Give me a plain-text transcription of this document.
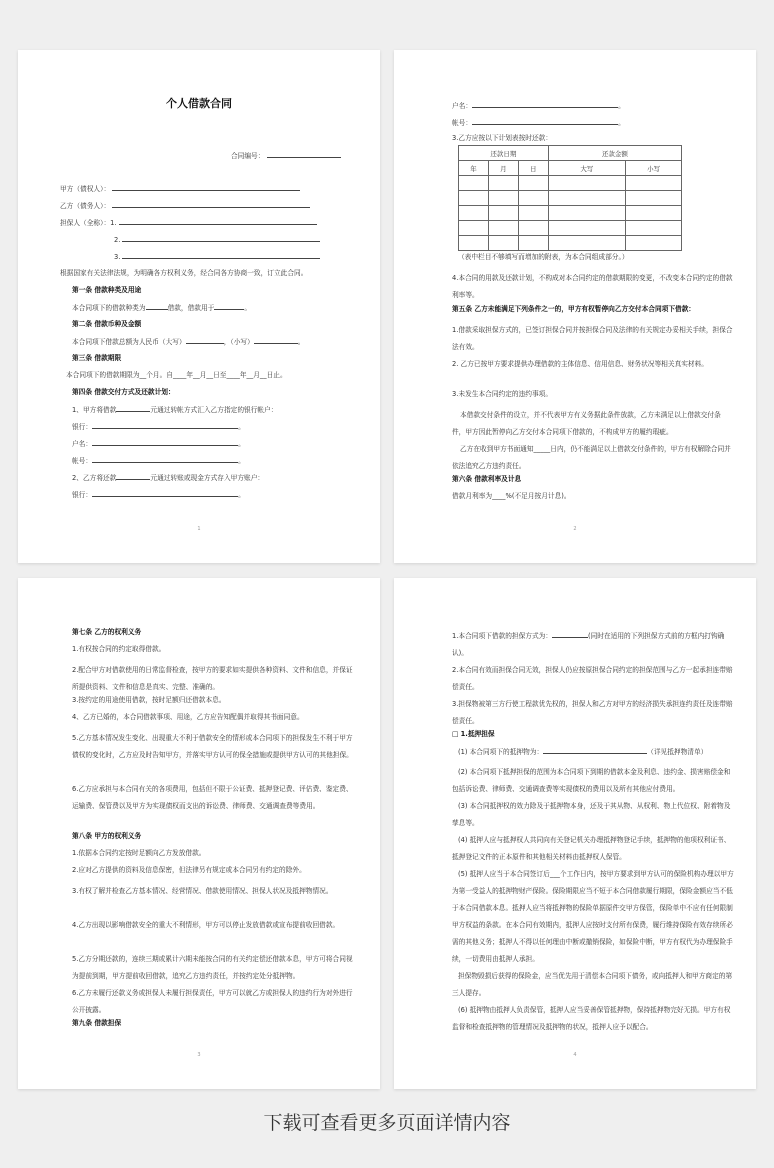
个人借款合同
合同编号：
甲方（债权人）：
乙方（债务人）：
担保人（全称）：1.
2.
3.
根据国家有关法律法规，为明确各方权利义务，经合同各方协商一致，订立此合同。
第一条 借款种类及用途
本合同项下的借款种类为	借款，借款用于	。
第二条 借款币种及金额
本合同项下借款总额为人民币（大写）	，（小写）	。
第三条 借款期限
本合同项下的借款期限为__个月。自____年__月__日至____年__月__日止。
第四条 借款交付方式及还款计划：
1、甲方将借款	元通过转帐方式汇入乙方指定的银行帐户：
银行：	。
户名：	。
帐号：	。
2、乙方将还款	元通过转账或现金方式存入甲方账户：
银行：	。
1
户名：	。
帐号：	。
3.乙方应按以下计划表按时还款：
还款日期			还款金额	
年	月	日	大写	小写

（表中栏目不够填写而增加的附表，为本合同组成部分。）
4.本合同的用款及还款计划，不构成对本合同约定的借款期限的变更，不改变本合同约定的借款利率等。
第五条 乙方未能满足下列条件之一的，甲方有权暂停向乙方交付本合同项下借款：
1.借款采取担保方式的，已签订担保合同并按担保合同及法律的有关规定办妥相关手续，担保合法有效。
2. 乙方已按甲方要求提供办理借款的主体信息、信用信息、财务状况等相关真实材料。
3.未发生本合同约定的违约事项。
本借款交付条件的设立，并不代表甲方有义务据此条件放款，乙方未满足以上借款交付条件，甲方因此暂停向乙方交付本合同项下借款的，不构成甲方的履约瑕疵。
乙方在收到甲方书面通知_____日内，仍不能满足以上借款交付条件的，甲方有权解除合同并依法追究乙方违约责任。
第六条 借款利率及计息
借款月利率为____%(不足月按月计息)。
2
第七条 乙方的权利义务
1.有权按合同的约定取得借款。
2.配合甲方对借款使用的日常监督检查，按甲方的要求如实提供各种资料、文件和信息，并保证所提供资料、文件和信息是真实、完整、准确的。
3.按约定的用途使用借款，按时足额归还借款本息。
4、乙方已婚的，本合同借款事项、用途，乙方应告知配偶并取得其书面同意。
5.乙方基本情况发生变化、出现重大不利于借款安全的情形或本合同项下的担保发生不利于甲方债权的变化时，乙方应及时告知甲方，并落实甲方认可的保全措施或提供甲方认可的其他担保。
6.乙方应承担与本合同有关的各项费用，包括但不限于公证费、抵押登记费、评估费、鉴定费、运输费、保管费以及甲方为实现债权而支出的诉讼费、律师费、交通调查费等费用。
第八条 甲方的权利义务
1.依据本合同约定按时足额向乙方发放借款。
2.应对乙方提供的资料及信息保密，但法律另有规定或本合同另有约定的除外。
3.有权了解并检查乙方基本情况、经营情况、借款使用情况、担保人状况及抵押物情况。
4.乙方出现以影响借款安全的重大不利情形，甲方可以停止发放借款或宣布提前收回借款。
5.乙方分期还款的，连续三期或累计六期未能按合同的有关约定偿还借款本息，甲方可将合同视为提前到期，甲方提前收回借款，追究乙方违约责任，并按约定处分抵押物。
6.乙方未履行还款义务或担保人未履行担保责任，甲方可以就乙方或担保人的违约行为对外进行公开披露。
第九条 借款担保
3
1.本合同项下借款的担保方式为：	(同时在适用的下列担保方式前的方框内打钩确认)。
2.本合同有效而担保合同无效，担保人仍应按原担保合同约定的担保范围与乙方一起承担连带赔偿责任。
3.担保物被第三方行使工程款优先权的，担保人和乙方对甲方的经济损失承担连约责任及连带赔偿责任。
□ 1.抵押担保
(1) 本合同项下的抵押物为：	（详见抵押物清单）
(2) 本合同项下抵押担保的范围为本合同项下到期的借款本金及利息、违约金、损害赔偿金和包括诉讼费、律师费、交通调查费等实现债权的费用以及所有其他应付费用。
(3) 本合同抵押权的效力除及于抵押物本身，还及于其从物、从权利、物上代位权、附着物及孳息等。
(4) 抵押人应与抵押权人共同向有关登记机关办理抵押物登记手续，抵押物的他项权利证书、抵押登记文件的正本原件和其他相关材料由抵押权人保管。
(5) 抵押人应当于本合同签订后___个工作日内，按甲方要求到甲方认可的保险机构办理以甲方为第一受益人的抵押物财产保险。保险期限应当不短于本合同借款履行期限，保险金额应当不低于本合同借款本息。抵押人应当将抵押物的保险单据原件交甲方保管，保险单中不应有任何限制甲方权益的条款。在本合同有效期内，抵押人应按时支付所有保费，履行维持保险有效存续所必需的其他义务；抵押人不得以任何理由中断或撤销保险，如保险中断，甲方有权代为办理保险手续，一切费用由抵押人承担。
担保物毁损后获得的保险金，应当优先用于清偿本合同项下债务，或向抵押人和甲方商定的第三人提存。
(6) 抵押物由抵押人负责保管，抵押人应当妥善保管抵押物，保持抵押物完好无损。甲方有权监督和检查抵押物的管理情况及抵押物的状况，抵押人应予以配合。
4
下载可查看更多页面详情内容
